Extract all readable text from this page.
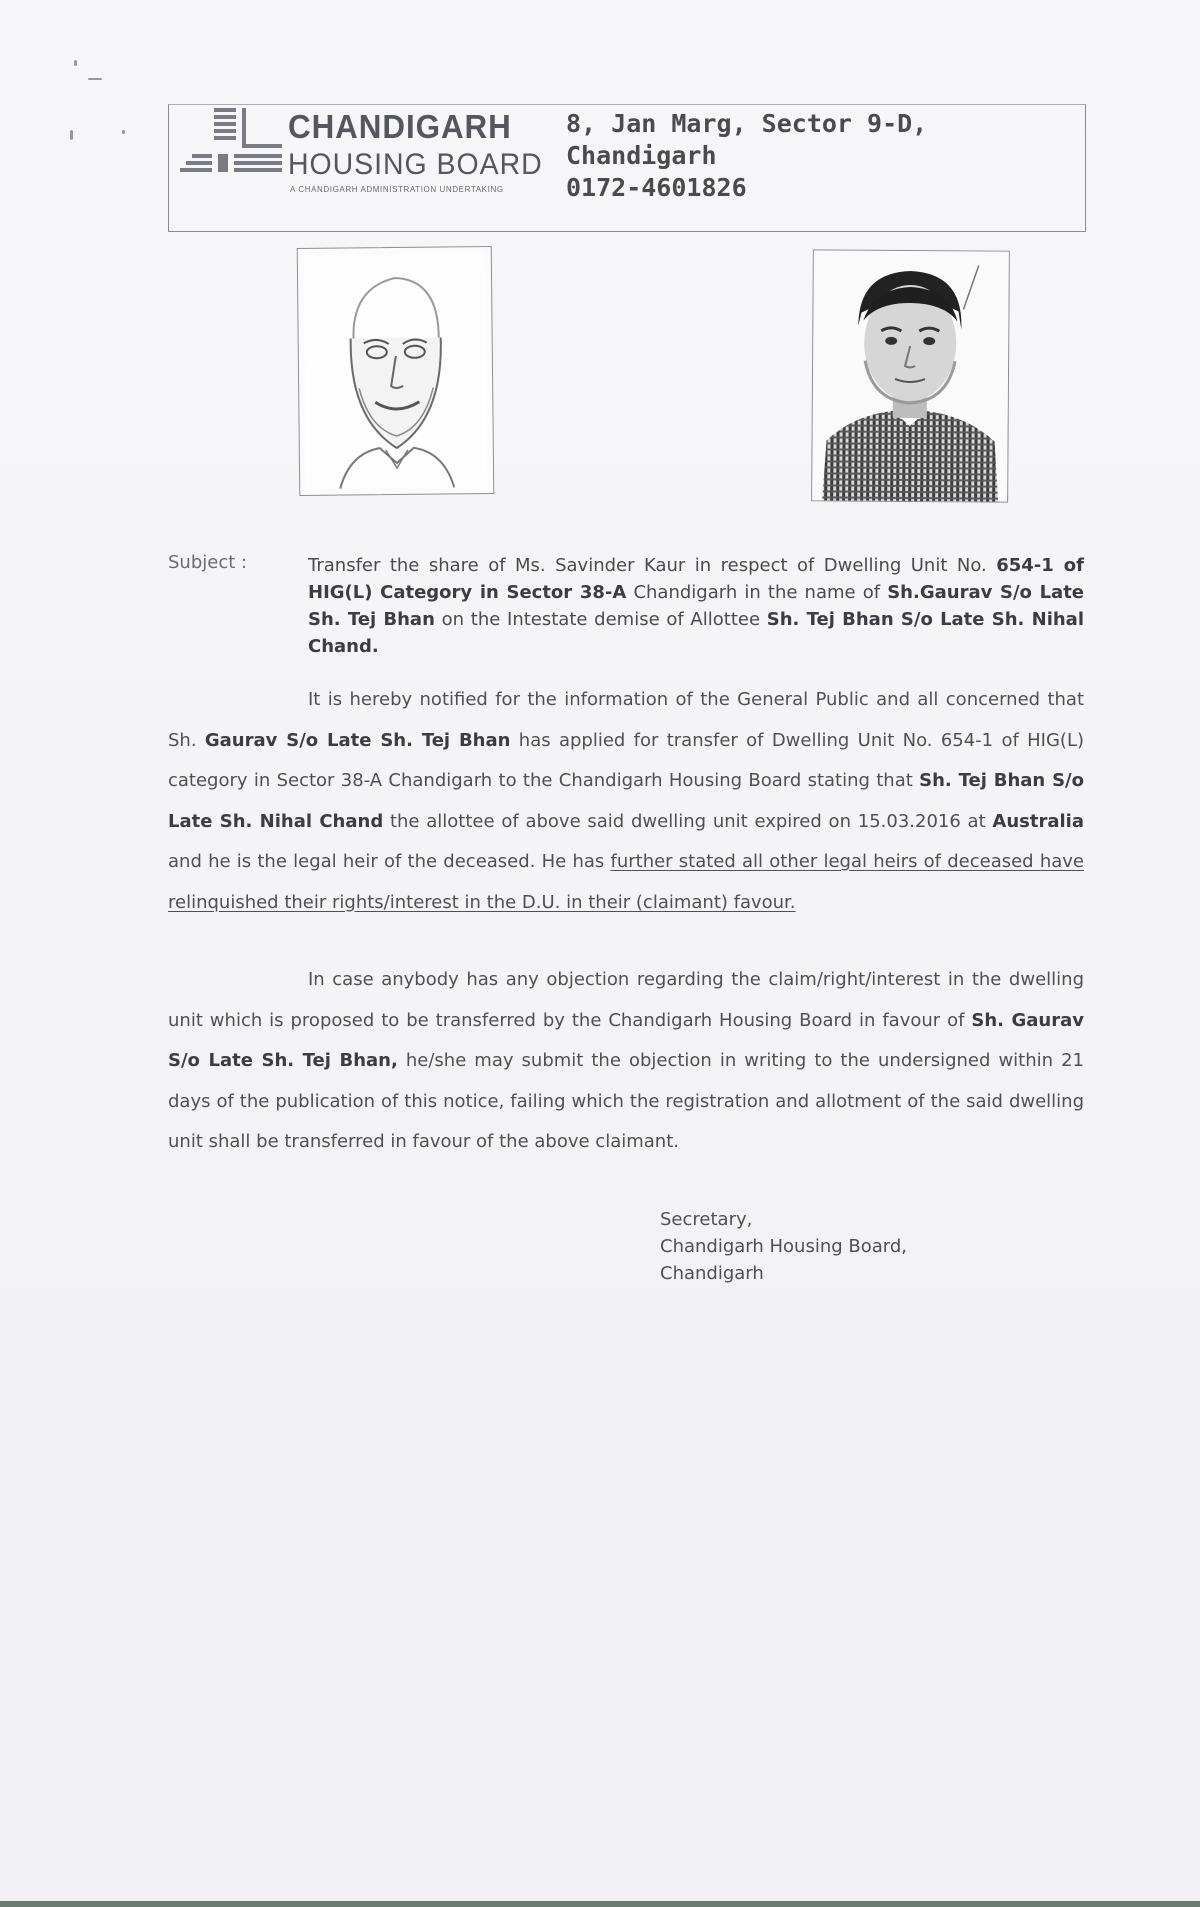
CHANDIGARH
HOUSING BOARD
A CHANDIGARH ADMINISTRATION UNDERTAKING
8, Jan Marg, Sector 9-D,
Chandigarh
0172-4601826
Subject :	Transfer the share of Ms. Savinder Kaur in respect of Dwelling Unit No. 654-1 of HIG(L) Category in Sector 38-A Chandigarh in the name of Sh.Gaurav S/o Late Sh. Tej Bhan on the Intestate demise of Allottee Sh. Tej Bhan S/o Late Sh. Nihal Chand.
It is hereby notified for the information of the General Public and all concerned that Sh. Gaurav S/o Late Sh. Tej Bhan has applied for transfer of Dwelling Unit No. 654-1 of HIG(L) category in Sector 38-A Chandigarh to the Chandigarh Housing Board stating that Sh. Tej Bhan S/o Late Sh. Nihal Chand the allottee of above said dwelling unit expired on 15.03.2016 at Australia and he is the legal heir of the deceased. He has further stated all other legal heirs of deceased have relinquished their rights/interest in the D.U. in their (claimant) favour.
In case anybody has any objection regarding the claim/right/interest in the dwelling unit which is proposed to be transferred by the Chandigarh Housing Board in favour of Sh. Gaurav S/o Late Sh. Tej Bhan, he/she may submit the objection in writing to the undersigned within 21 days of the publication of this notice, failing which the registration and allotment of the said dwelling unit shall be transferred in favour of the above claimant.
Secretary,
Chandigarh Housing Board,
Chandigarh
